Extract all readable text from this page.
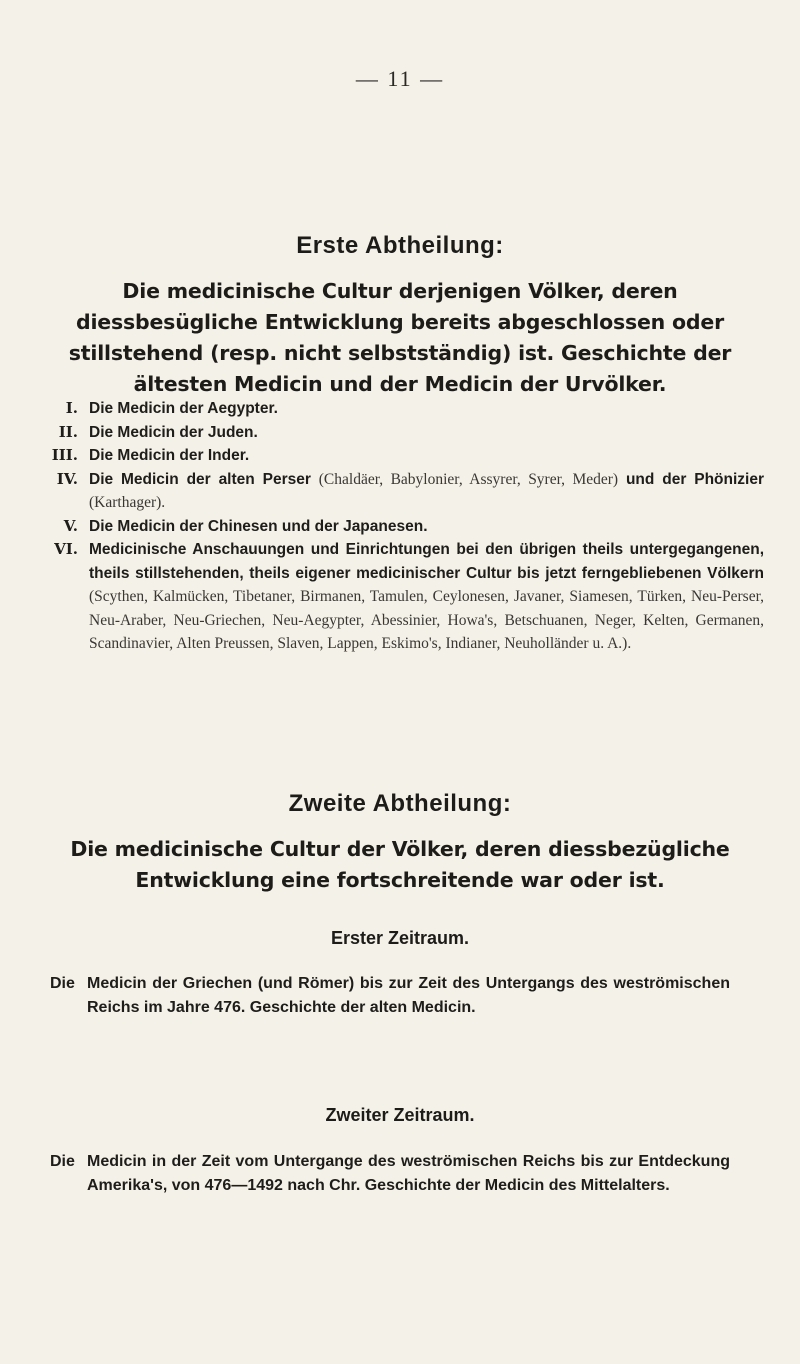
— 11 —
Erste Abtheilung:
Die medicinische Cultur derjenigen Völker, deren diessbesügliche Entwicklung bereits abgeschlossen oder stillstehend (resp. nicht selbstständig) ist. Geschichte der ältesten Medicin und der Medicin der Urvölker.
I. Die Medicin der Aegypter.
II. Die Medicin der Juden.
III. Die Medicin der Inder.
IV. Die Medicin der alten Perser (Chaldäer, Babylonier, Assyrer, Syrer, Meder) und der Phönizier (Karthager).
V. Die Medicin der Chinesen und der Japanesen.
VI. Medicinische Anschauungen und Einrichtungen bei den übrigen theils untergegangenen, theils stillstehenden, theils eigener medicinischer Cultur bis jetzt ferngebliebenen Völkern (Scythen, Kalmücken, Tibetaner, Birmanen, Tamulen, Ceylonesen, Javaner, Siamesen, Türken, Neu-Perser, Neu-Araber, Neu-Griechen, Neu-Aegypter, Abessinier, Howa's, Betschuanen, Neger, Kelten, Germanen, Scandinavier, Alten Preussen, Slaven, Lappen, Eskimo's, Indianer, Neuholländer u. A.).
Zweite Abtheilung:
Die medicinische Cultur der Völker, deren diessbezügliche Entwicklung eine fortschreitende war oder ist.
Erster Zeitraum.
Die Medicin der Griechen (und Römer) bis zur Zeit des Untergangs des weströmischen Reichs im Jahre 476. Geschichte der alten Medicin.
Zweiter Zeitraum.
Die Medicin in der Zeit vom Untergange des weströmischen Reichs bis zur Entdeckung Amerika's, von 476—1492 nach Chr. Geschichte der Medicin des Mittelalters.
